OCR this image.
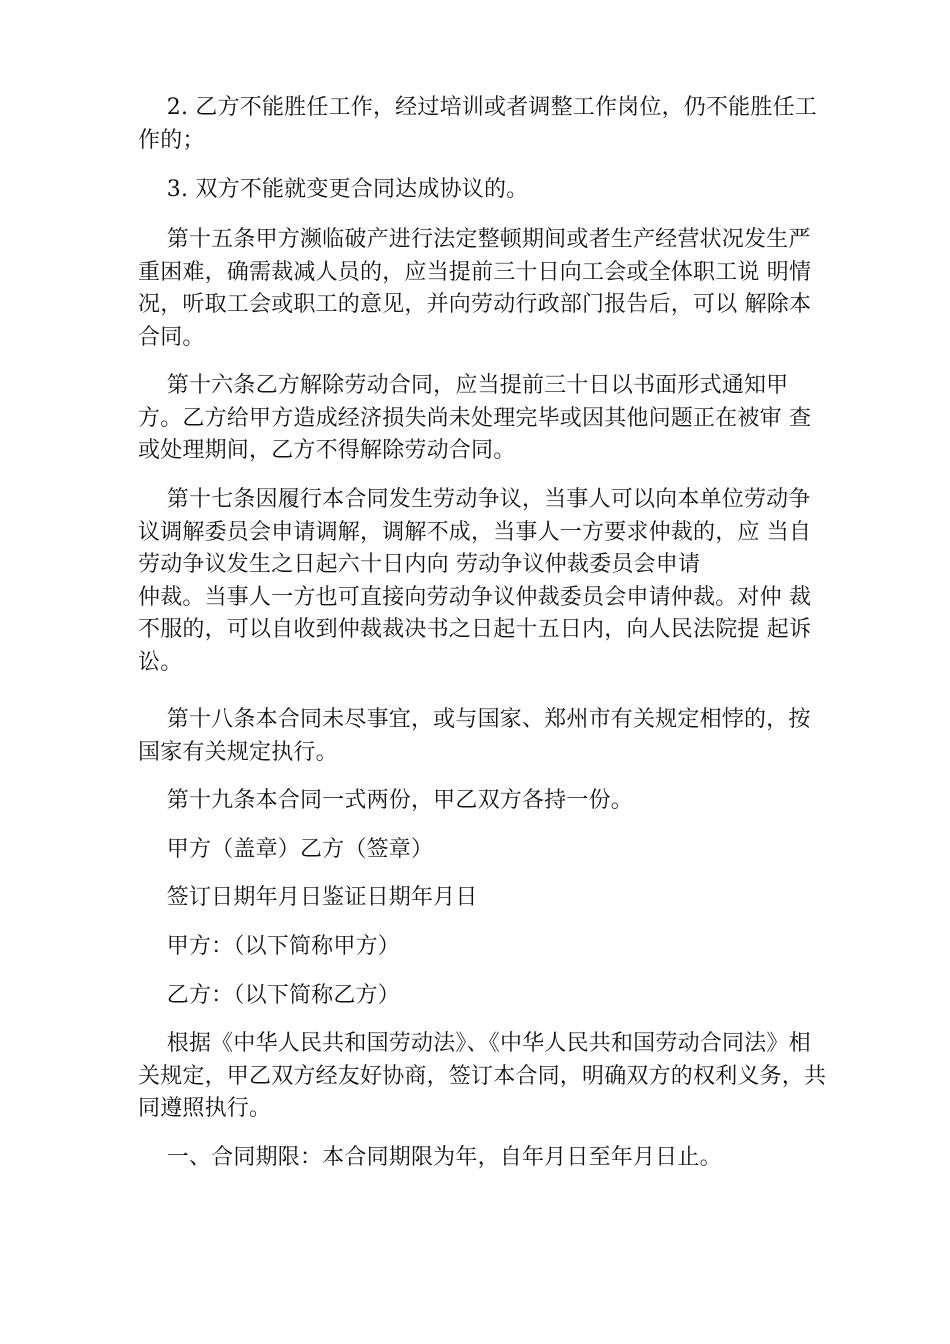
2. 乙方不能胜任工作，经过培训或者调整工作岗位，仍不能胜任工作的；

3. 双方不能就变更合同达成协议的。

第十五条甲方濒临破产进行法定整顿期间或者生产经营状况发生严重困难，确需裁减人员的，应当提前三十日向工会或全体职工说 明情况，听取工会或职工的意见，并向劳动行政部门报告后，可以 解除本合同。

第十六条乙方解除劳动合同，应当提前三十日以书面形式通知甲方。乙方给甲方造成经济损失尚未处理完毕或因其他问题正在被审 查或处理期间，乙方不得解除劳动合同。

第十七条因履行本合同发生劳动争议，当事人可以向本单位劳动争议调解委员会申请调解，调解不成，当事人一方要求仲裁的，应 当自劳动争议发生之日起六十日内向 劳动争议仲裁委员会申请
仲裁。当事人一方也可直接向劳动争议仲裁委员会申请仲裁。对仲 裁不服的，可以自收到仲裁裁决书之日起十五日内，向人民法院提 起诉讼。

第十八条本合同未尽事宜，或与国家、郑州市有关规定相悖的，按国家有关规定执行。

第十九条本合同一式两份，甲乙双方各持一份。

甲方（盖章）乙方（签章）

签订日期年月日鉴证日期年月日

甲方：（以下简称甲方）

乙方：（以下简称乙方）

根据《中华人民共和国劳动法》、《中华人民共和国劳动合同法》相关规定，甲乙双方经友好协商，签订本合同，明确双方的权利义务，共同遵照执行。

一、合同期限：本合同期限为年，自年月日至年月日止。
